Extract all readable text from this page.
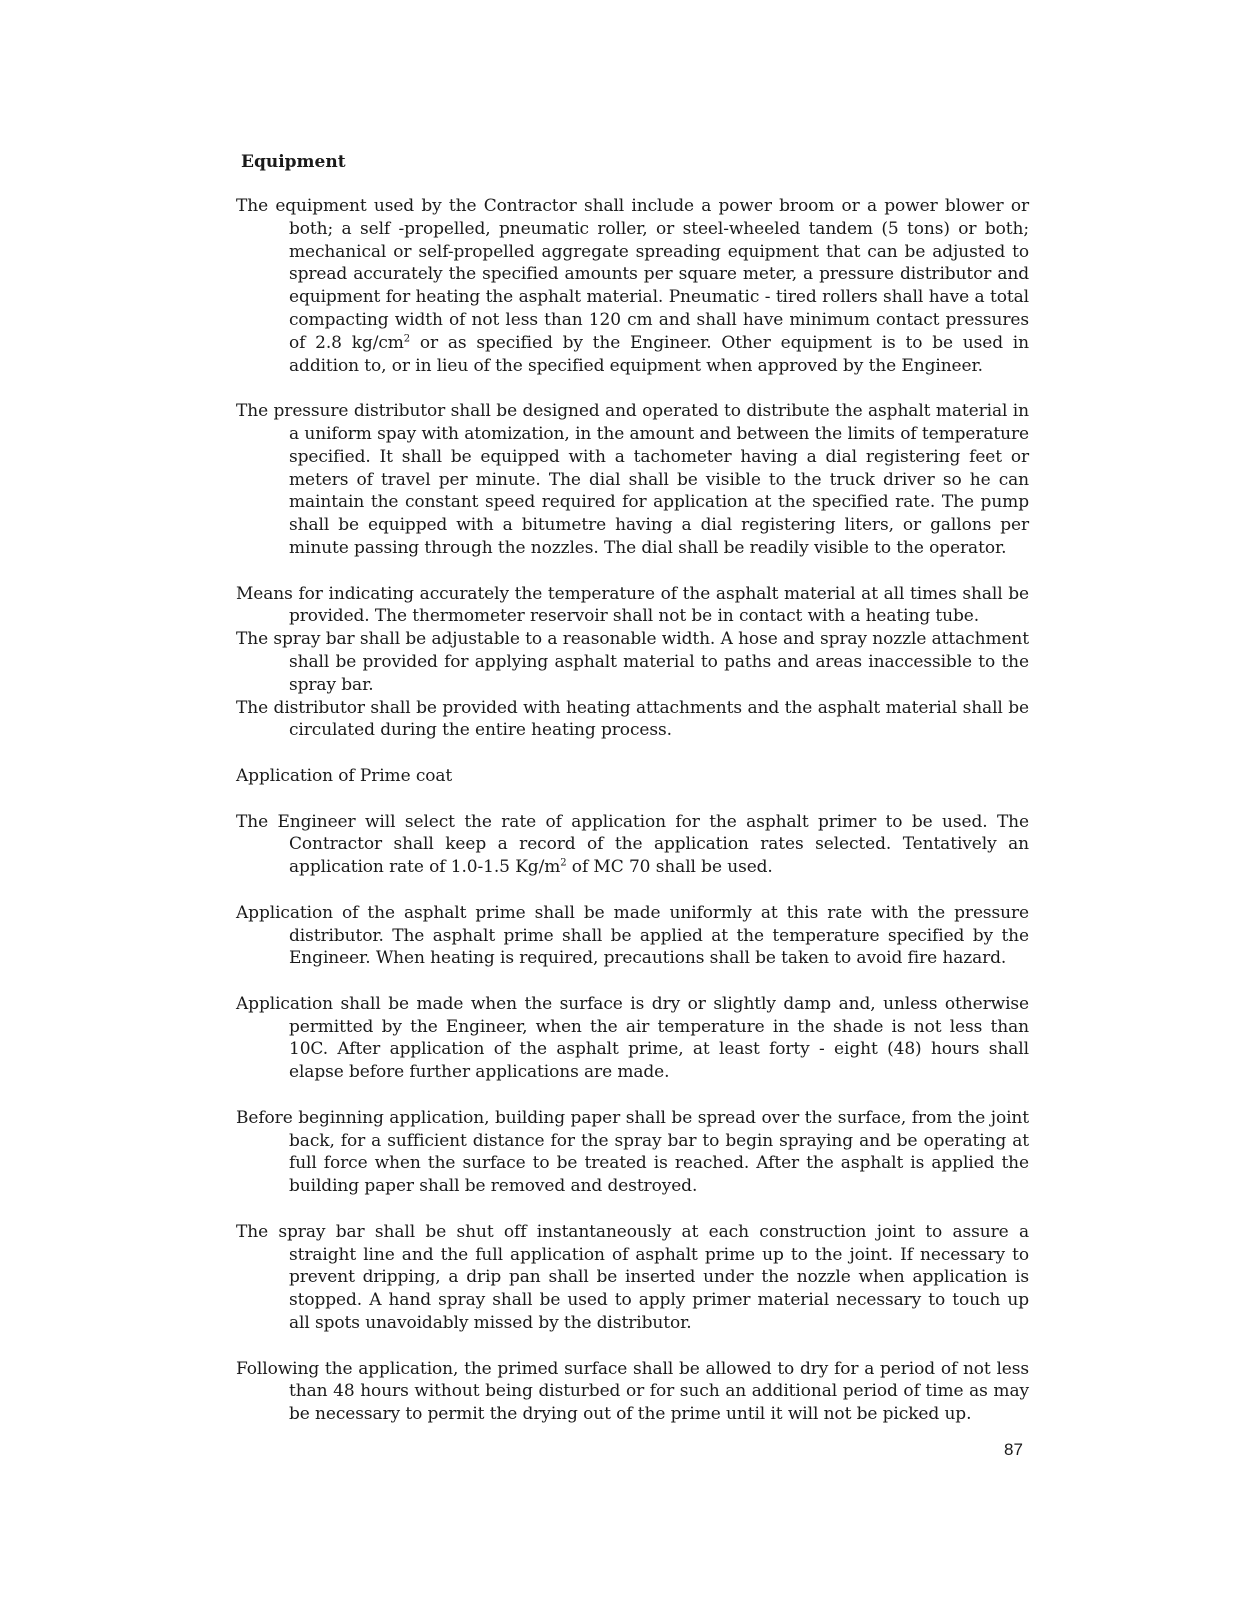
Equipment

The equipment used by the Contractor shall include a power broom or a power blower or both; a self -propelled, pneumatic roller, or steel-wheeled tandem (5 tons) or both; mechanical or self-propelled aggregate spreading equipment that can be adjusted to spread accurately the specified amounts per square meter, a pressure distributor and equipment for heating the asphalt material. Pneumatic - tired rollers shall have a total compacting width of not less than 120 cm and shall have minimum contact pressures of 2.8 $kg/cm^2$ or as specified by the Engineer. Other equipment is to be used in addition to, or in lieu of the specified equipment when approved by the Engineer.

The pressure distributor shall be designed and operated to distribute the asphalt material in a uniform spay with atomization, in the amount and between the limits of temperature specified. It shall be equipped with a tachometer having a dial registering feet or meters of travel per minute. The dial shall be visible to the truck driver so he can maintain the constant speed required for application at the specified rate. The pump shall be equipped with a bitumetre having a dial registering liters, or gallons per minute passing through the nozzles. The dial shall be readily visible to the operator.

Means for indicating accurately the temperature of the asphalt material at all times shall be provided. The thermometer reservoir shall not be in contact with a heating tube.

The spray bar shall be adjustable to a reasonable width. A hose and spray nozzle attachment shall be provided for applying asphalt material to paths and areas inaccessible to the spray bar.

The distributor shall be provided with heating attachments and the asphalt material shall be circulated during the entire heating process.

Application of Prime coat

The Engineer will select the rate of application for the asphalt primer to be used. The Contractor shall keep a record of the application rates selected. Tentatively an application rate of 1.0-1.5 $Kg/m^2$ of MC 70 shall be used.

Application of the asphalt prime shall be made uniformly at this rate with the pressure distributor. The asphalt prime shall be applied at the temperature specified by the Engineer. When heating is required, precautions shall be taken to avoid fire hazard.

Application shall be made when the surface is dry or slightly damp and, unless otherwise permitted by the Engineer, when the air temperature in the shade is not less than 10C. After application of the asphalt prime, at least forty - eight (48) hours shall elapse before further applications are made.

Before beginning application, building paper shall be spread over the surface, from the joint back, for a sufficient distance for the spray bar to begin spraying and be operating at full force when the surface to be treated is reached. After the asphalt is applied the building paper shall be removed and destroyed.

The spray bar shall be shut off instantaneously at each construction joint to assure a straight line and the full application of asphalt prime up to the joint. If necessary to prevent dripping, a drip pan shall be inserted under the nozzle when application is stopped. A hand spray shall be used to apply primer material necessary to touch up all spots unavoidably missed by the distributor.

Following the application, the primed surface shall be allowed to dry for a period of not less than 48 hours without being disturbed or for such an additional period of time as may be necessary to permit the drying out of the prime until it will not be picked up.

87
